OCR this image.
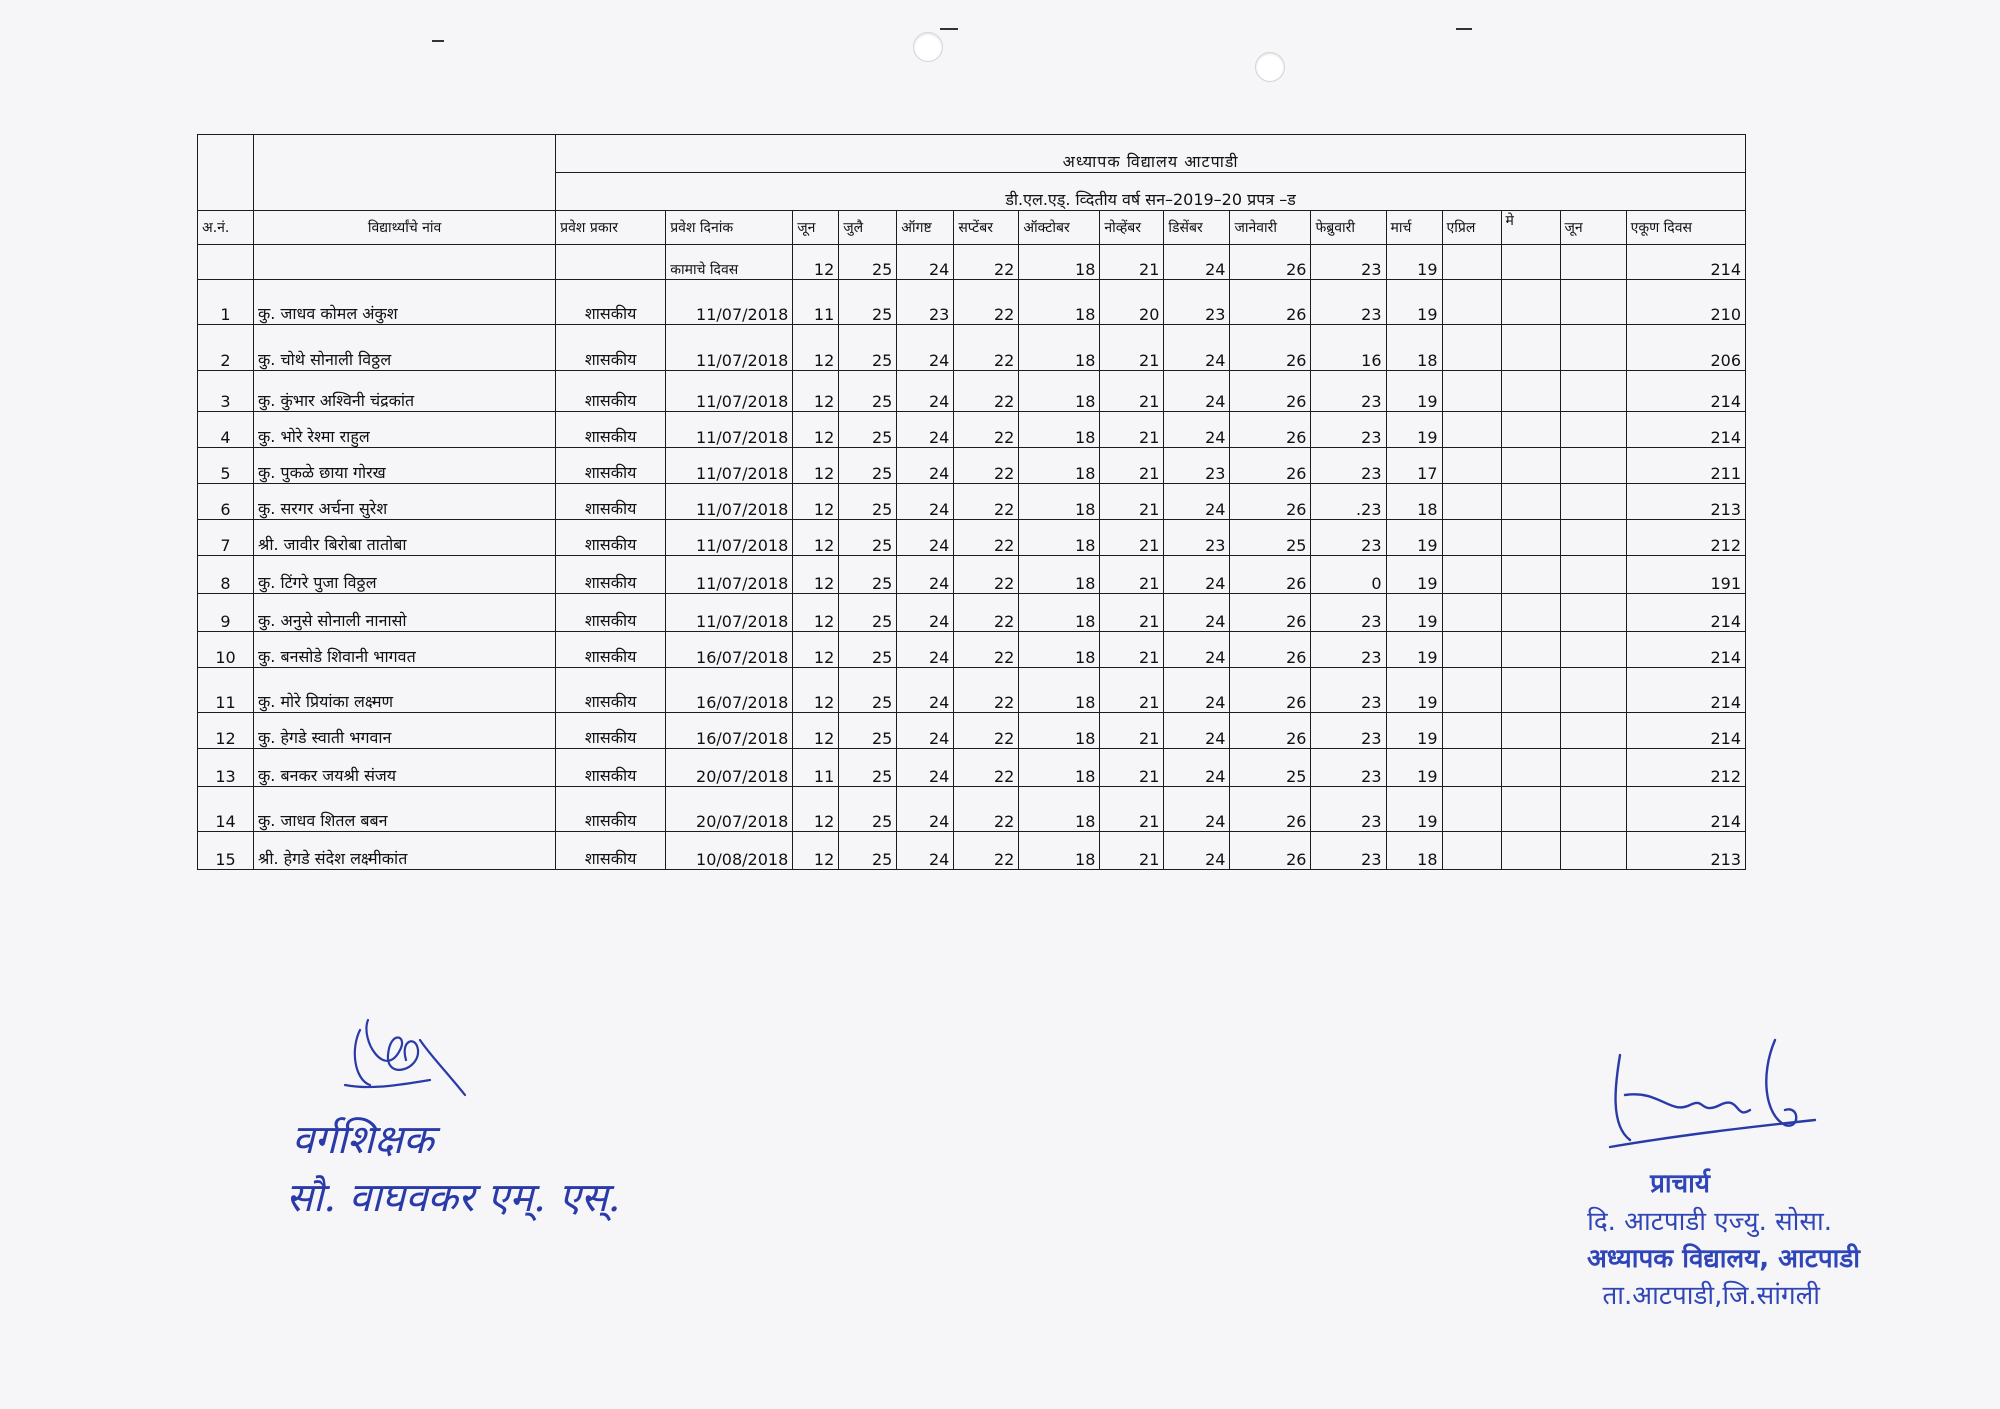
		अध्यापक विद्यालय आटपाडी															
		डी.एल.एड्. व्दितीय वर्ष सन–2019–20 प्रपत्र –ड															
अ.नं.	विद्यार्थ्यांचे नांव	प्रवेश प्रकार	प्रवेश दिनांक	जून	जुलै	ऑगष्ट	सप्टेंबर	ऑक्टोबर	नोव्हेंबर	डिसेंबर	जानेवारी	फेब्रुवारी	मार्च	एप्रिल	मे	जून	एकूण दिवस
			कामाचे दिवस	12	25	24	22	18	21	24	26	23	19				214
1	कु. जाधव कोमल अंकुश	शासकीय	11/07/2018	11	25	23	22	18	20	23	26	23	19				210
2	कु. चोथे सोनाली विठ्ठल	शासकीय	11/07/2018	12	25	24	22	18	21	24	26	16	18				206
3	कु. कुंभार अश्विनी चंद्रकांत	शासकीय	11/07/2018	12	25	24	22	18	21	24	26	23	19				214
4	कु. भोरे रेश्मा राहुल	शासकीय	11/07/2018	12	25	24	22	18	21	24	26	23	19				214
5	कु. पुकळे छाया गोरख	शासकीय	11/07/2018	12	25	24	22	18	21	23	26	23	17				211
6	कु. सरगर अर्चना सुरेश	शासकीय	11/07/2018	12	25	24	22	18	21	24	26	.23	18				213
7	श्री. जावीर बिरोबा तातोबा	शासकीय	11/07/2018	12	25	24	22	18	21	23	25	23	19				212
8	कु. टिंगरे पुजा विठ्ठल	शासकीय	11/07/2018	12	25	24	22	18	21	24	26	0	19				191
9	कु. अनुसे सोनाली नानासो	शासकीय	11/07/2018	12	25	24	22	18	21	24	26	23	19				214
10	कु. बनसोडे शिवानी भागवत	शासकीय	16/07/2018	12	25	24	22	18	21	24	26	23	19				214
11	कु. मोरे प्रियांका लक्ष्मण	शासकीय	16/07/2018	12	25	24	22	18	21	24	26	23	19				214
12	कु. हेगडे स्वाती भगवान	शासकीय	16/07/2018	12	25	24	22	18	21	24	26	23	19				214
13	कु. बनकर जयश्री संजय	शासकीय	20/07/2018	11	25	24	22	18	21	24	25	23	19				212
14	कु. जाधव शितल बबन	शासकीय	20/07/2018	12	25	24	22	18	21	24	26	23	19				214
15	श्री. हेगडे संदेश लक्ष्मीकांत	शासकीय	10/08/2018	12	25	24	22	18	21	24	26	23	18				213
वर्गशिक्षक
सौ. वाघवकर एम्. एस्.	प्राचार्य
दि. आटपाडी एज्यु. सोसा.
अध्यापक विद्यालय, आटपाडी
ता.आटपाडी,जि.सांगली
